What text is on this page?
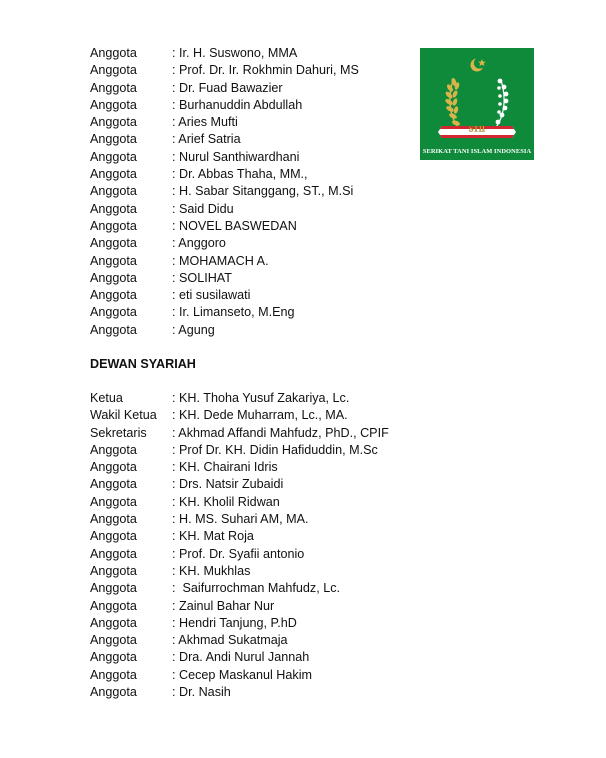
Anggota	: Ir. H. Suswono, MMA
Anggota	: Prof. Dr. Ir. Rokhmin Dahuri, MS
Anggota	: Dr. Fuad Bawazier
Anggota	: Burhanuddin Abdullah
Anggota	: Aries Mufti
Anggota	: Arief Satria
Anggota	: Nurul Santhiwardhani
Anggota	: Dr. Abbas Thaha, MM.,
Anggota	: H. Sabar Sitanggang, ST., M.Si
Anggota	: Said Didu
Anggota	: NOVEL BASWEDAN
Anggota	: Anggoro
Anggota	: MOHAMACH A.
Anggota	: SOLIHAT
Anggota	: eti susilawati
Anggota	: Ir. Limanseto, M.Eng
Anggota	: Agung
DEWAN SYARIAH
Ketua	: KH. Thoha Yusuf Zakariya, Lc.
Wakil Ketua	: KH. Dede Muharram, Lc., MA.
Sekretaris	: Akhmad Affandi Mahfudz, PhD., CPIF
Anggota	: Prof Dr. KH. Didin Hafiduddin, M.Sc
Anggota	: KH. Chairani Idris
Anggota	: Drs. Natsir Zubaidi
Anggota	: KH. Kholil Ridwan
Anggota	: H. MS. Suhari AM, MA.
Anggota	: KH. Mat Roja
Anggota	: Prof. Dr. Syafii antonio
Anggota	: KH. Mukhlas
Anggota	:  Saifurrochman Mahfudz, Lc.
Anggota	: Zainul Bahar Nur
Anggota	: Hendri Tanjung, P.hD
Anggota	: Akhmad Sukatmaja
Anggota	: Dra. Andi Nurul Jannah
Anggota	: Cecep Maskanul Hakim
Anggota	: Dr. Nasih
STII
SERIKAT TANI ISLAM INDONESIA
